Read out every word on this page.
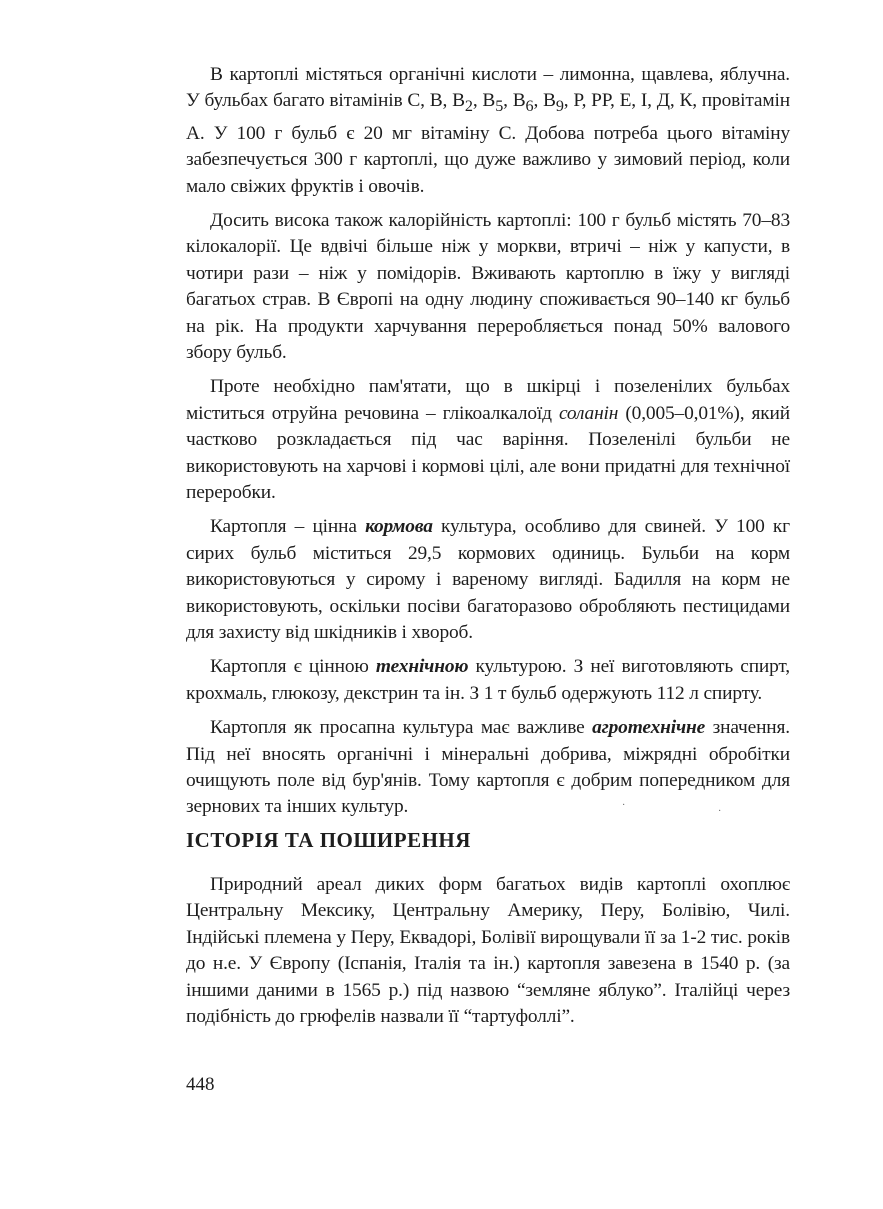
В картоплі містяться органічні кислоти – лимонна, щавлева, яблучна. У бульбах багато вітамінів С, В, $В_2$, $В_5$, $В_6$, $В_9$, Р, РР, Е, І, Д, К, провітамін А. У 100 г бульб є 20 мг вітаміну С. Добова потреба цього вітаміну забезпечується 300 г картоплі, що дуже важливо у зимовий період, коли мало свіжих фруктів і овочів.

Досить висока також калорійність картоплі: 100 г бульб містять 70–83 кілокалорії. Це вдвічі більше ніж у моркви, втричі – ніж у капусти, в чотири рази – ніж у помідорів. Вживають картоплю в їжу у вигляді багатьох страв. В Європі на одну людину споживається 90–140 кг бульб на рік. На продукти харчування переробляється понад 50% валового збору бульб.

Проте необхідно пам'ятати, що в шкірці і позеленілих бульбах міститься отруйна речовина – глікоалкалоїд соланін (0,005–0,01%), який частково розкладається під час варіння. Позеленілі бульби не використовують на харчові і кормові цілі, але вони придатні для технічної переробки.

Картопля – цінна кормова культура, особливо для свиней. У 100 кг сирих бульб міститься 29,5 кормових одиниць. Бульби на корм використовуються у сирому і вареному вигляді. Бадилля на корм не використовують, оскільки посіви багаторазово обробляють пестицидами для захисту від шкідників і хвороб.

Картопля є цінною технічною культурою. З неї виготовляють спирт, крохмаль, глюкозу, декстрин та ін. З 1 т бульб одержують 112 л спирту.

Картопля як просапна культура має важливе агротехнічне значення. Під неї вносять органічні і мінеральні добрива, міжрядні обробітки очищують поле від бур'янів. Тому картопля є добрим попередником для зернових та інших культур.

ІСТОРІЯ ТА ПОШИРЕННЯ

Природний ареал диких форм багатьох видів картоплі охоплює Центральну Мексику, Центральну Америку, Перу, Болівію, Чилі. Індійські племена у Перу, Еквадорі, Болівії вирощували її за 1-2 тис. років до н.е. У Європу (Іспанія, Італія та ін.) картопля завезена в 1540 р. (за іншими даними в 1565 р.) під назвою “земляне яблуко”. Італійці через подібність до грюфелів назвали її “тартуфоллі”.

448
·
·
